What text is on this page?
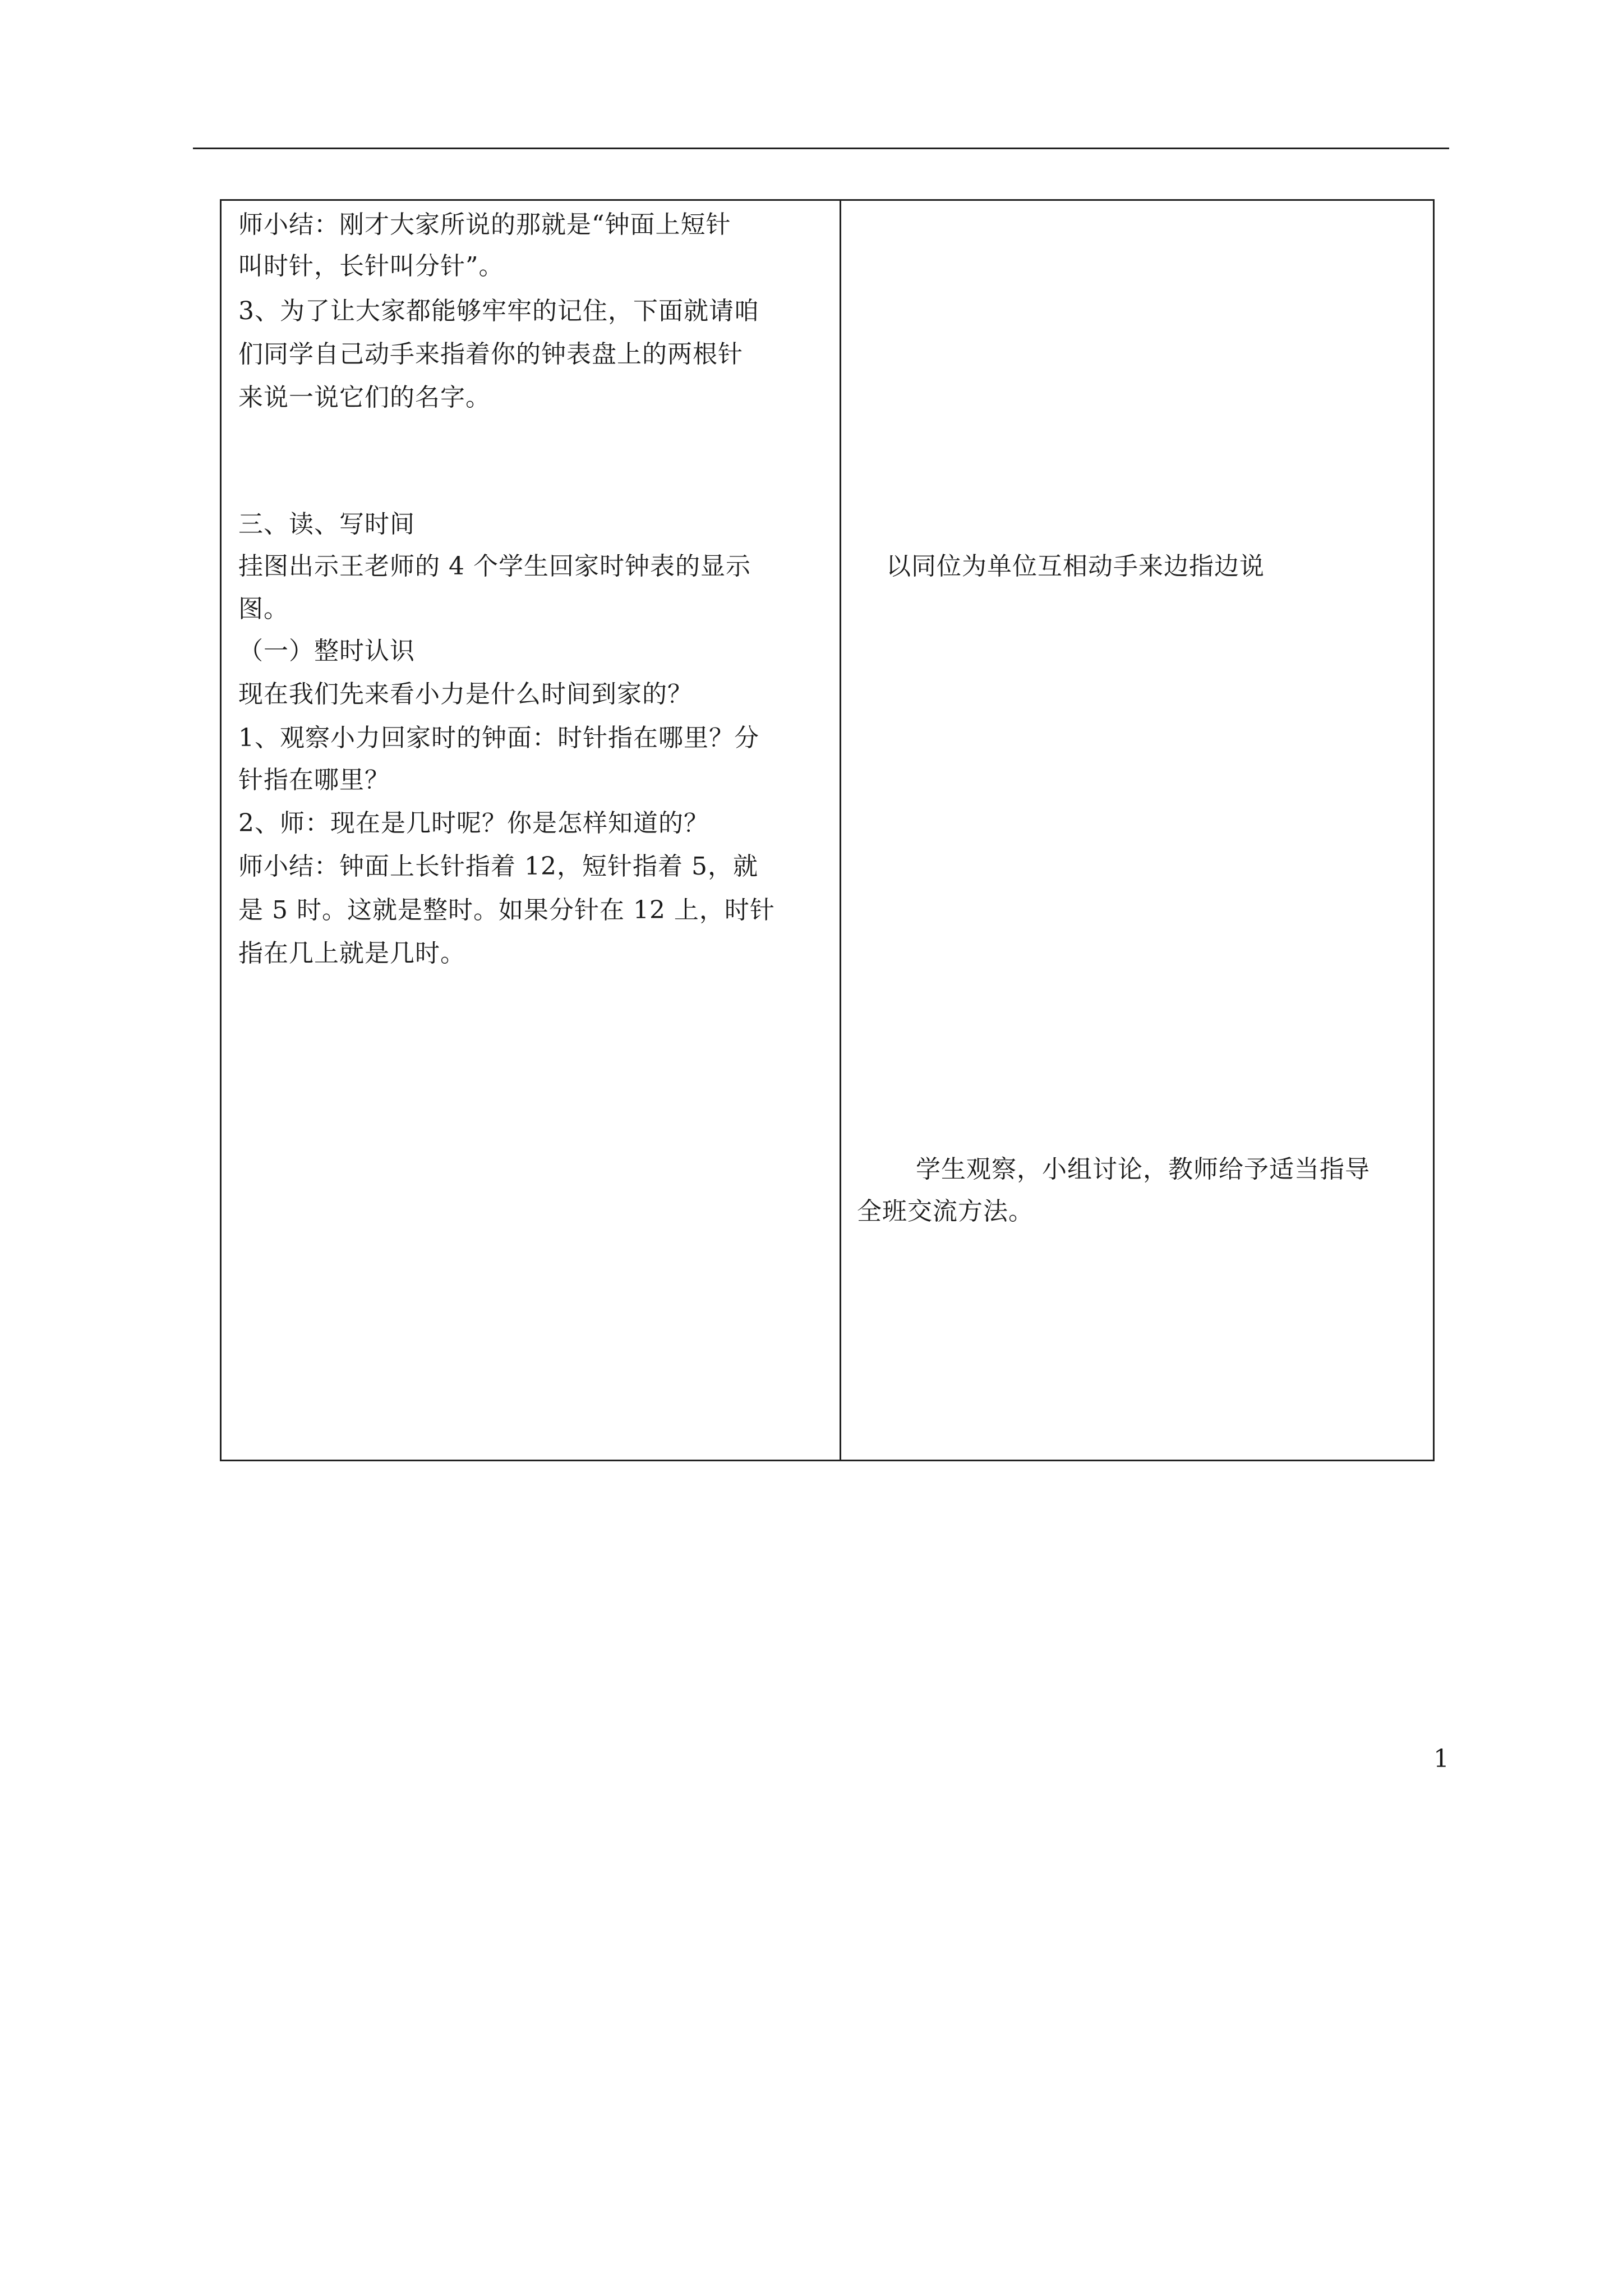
师小结：刚才大家所说的那就是“钟面上短针

叫时针，长针叫分针”。

3、为了让大家都能够牢牢的记住，下面就请咱

们同学自己动手来指着你的钟表盘上的两根针

来说一说它们的名字。

三、读、写时间

挂图出示王老师的 4 个学生回家时钟表的显示

图。

（一）整时认识

现在我们先来看小力是什么时间到家的？

1、观察小力回家时的钟面：时针指在哪里？分

针指在哪里？

2、师：现在是几时呢？你是怎样知道的？

师小结：钟面上长针指着 12，短针指着 5，就

是 5 时。这就是整时。如果分针在 12 上，时针

指在几上就是几时。

以同位为单位互相动手来边指边说

学生观察，小组讨论，教师给予适当指导

全班交流方法。

1
